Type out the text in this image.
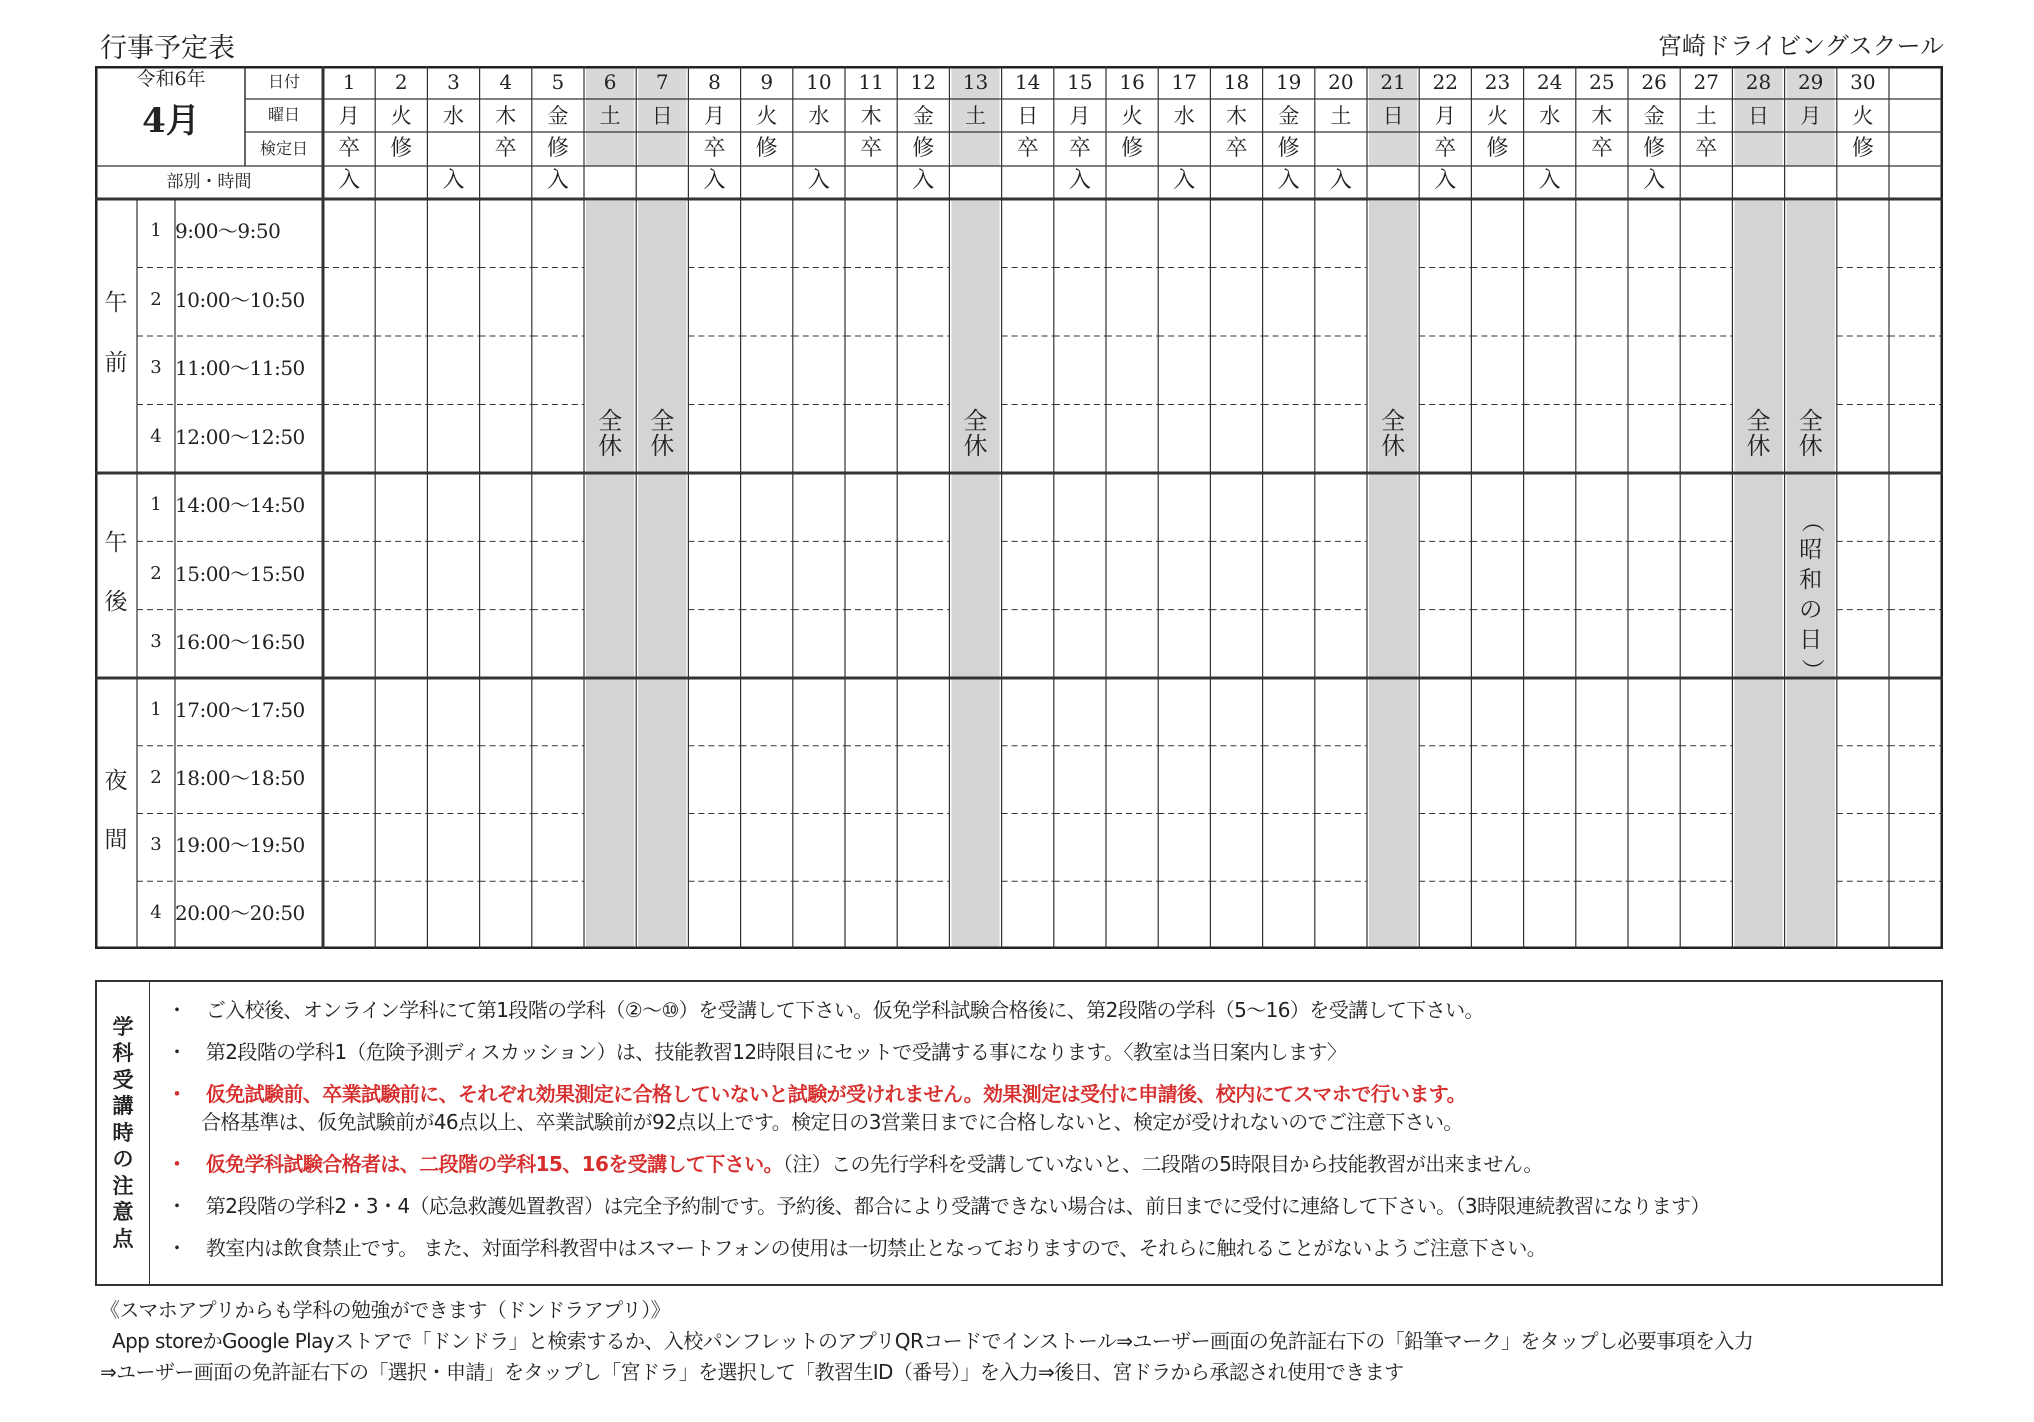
行事予定表	宮崎ドライビングスクール
令和6年
4月
日付
曜日
検定日
部別・時間
1
月
卒
入
2
火
修
3
水
入
4
木
卒
5
金
修
入
6
土
全
休
7
日
全
休
8
月
卒
入
9
火
修
10
水
入
11
木
卒
12
金
修
入
13
土
全
休
14
日
卒
15
月
卒
入
16
火
修
17
水
入
18
木
卒
19
金
修
入
20
土
入
21
日
全
休
22
月
卒
入
23
火
修
24
水
入
25
木
卒
26
金
修
入
27
土
卒
28
日
全
休
29
月
全
休
（
昭
和
の
日
）
30
火
修
午
前
1 9:00〜9:50
2 10:00〜10:50
3 11:00〜11:50
4 12:00〜12:50
午
後
1 14:00〜14:50
2 15:00〜15:50
3 16:00〜16:50
夜
間
1 17:00〜17:50
2 18:00〜18:50
3 19:00〜19:50
4 20:00〜20:50
学
科
受
講
時
の
注
意
点
・　 ご入校後、オンライン学科にて第1段階の学科（②〜⑩）を受講して下さい。仮免学科試験合格後に、第2段階の学科（5〜16）を受講して下さい。
・　 第2段階の学科1（危険予測ディスカッション）は、技能教習12時限目にセットで受講する事になります。〈教室は当日案内します〉
・　 仮免試験前、卒業試験前に、それぞれ効果測定に合格していないと試験が受けれません。効果測定は受付に申請後、校内にてスマホで行います。
合格基準は、仮免試験前が46点以上、卒業試験前が92点以上です。検定日の3営業日までに合格しないと、検定が受けれないのでご注意下さい。
・　 仮免学科試験合格者は、二段階の学科15、16を受講して下さい。（注）この先行学科を受講していないと、二段階の5時限目から技能教習が出来ません。
・　 第2段階の学科2・3・4（応急救護処置教習）は完全予約制です。予約後、都合により受講できない場合は、前日までに受付に連絡して下さい。（3時限連続教習になります）
・　 教室内は飲食禁止です。 また、対面学科教習中はスマートフォンの使用は一切禁止となっておりますので、それらに触れることがないようご注意下さい。
《スマホアプリからも学科の勉強ができます（ドンドラアプリ）》
App storeかGoogle Playストアで「ドンドラ」と検索するか、入校パンフレットのアプリQRコードでインストール⇒ユーザー画面の免許証右下の「鉛筆マーク」をタップし必要事項を入力
⇒ユーザー画面の免許証右下の「選択・申請」をタップし「宮ドラ」を選択して「教習生ID（番号）」を入力⇒後日、宮ドラから承認され使用できます
